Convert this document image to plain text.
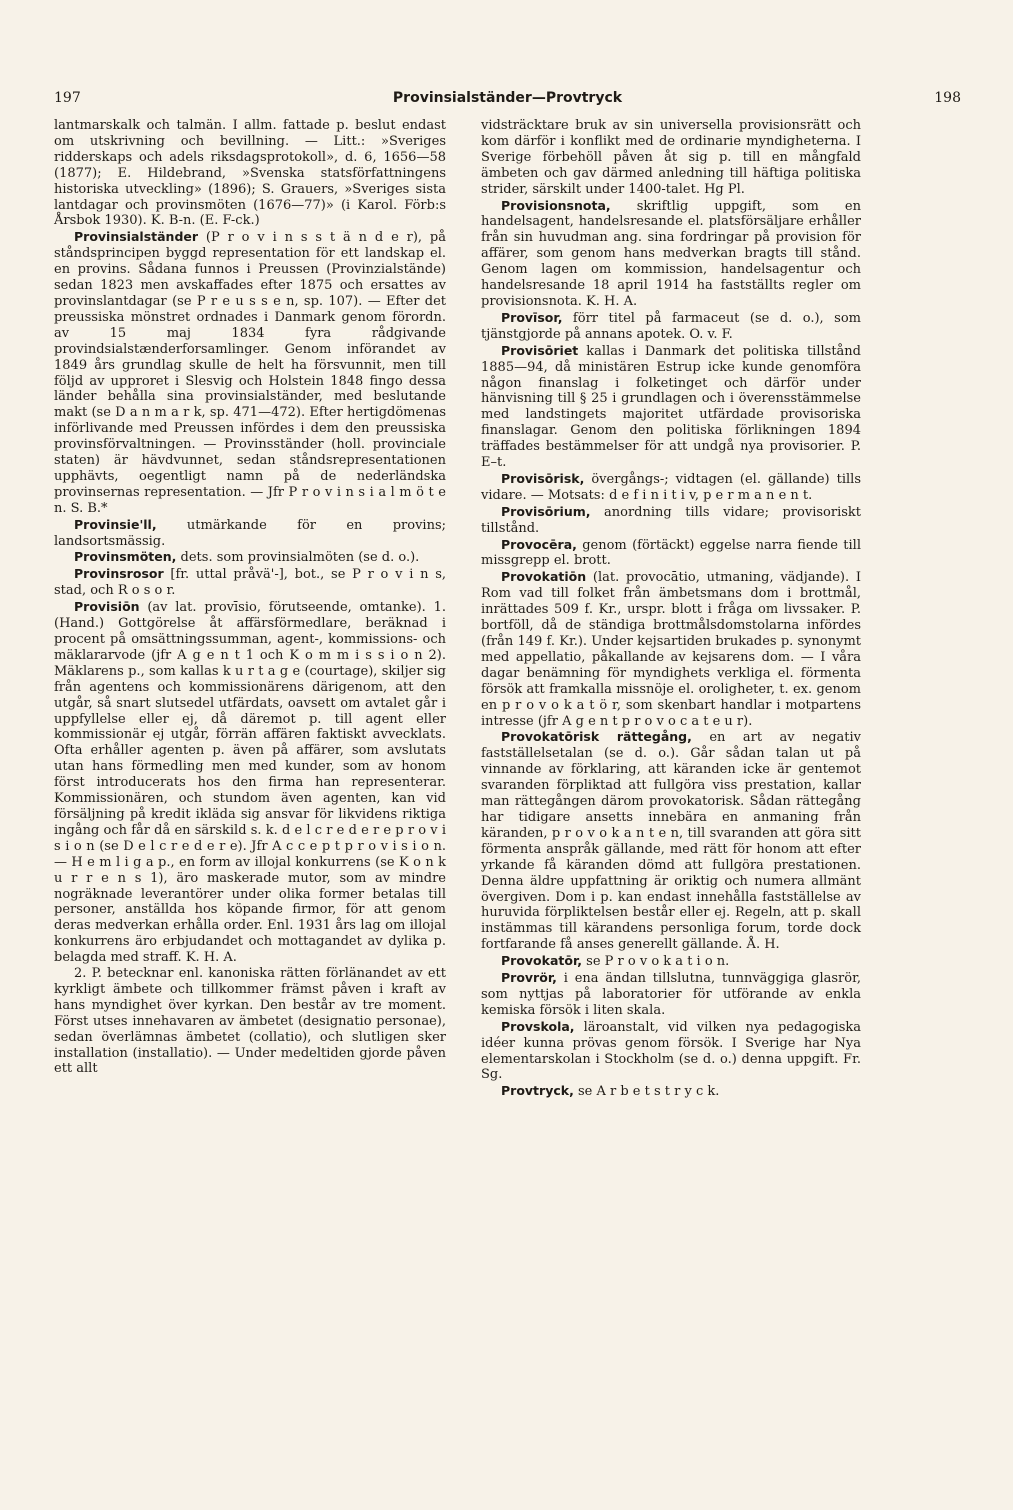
197	Provinsialständer—Provtryck	198

lantmarskalk och talmän. I allm. fattade p. beslut endast om utskrivning och bevillning. — Litt.: »Sveriges ridderskaps och adels riksdagsprotokoll», d. 6, 1656—58 (1877); E. Hildebrand, »Svenska statsförfattningens historiska utveckling» (1896); S. Grauers, »Sveriges sista lantdagar och provinsmöten (1676—77)» (i Karol. Förb:s Årsbok 1930). K. B-n. (E. F-ck.)

Provinsialständer (P r o v i n s s t ä n d e r), på ståndsprincipen byggd representation för ett landskap el. en provins. Sådana funnos i Preussen (Provinzialstände) sedan 1823 men avskaffades efter 1875 och ersattes av provinslantdagar (se P r e u s s e n, sp. 107). — Efter det preussiska mönstret ordnades i Danmark genom förordn. av 15 maj 1834 fyra rådgivande provindsialstænderforsamlinger. Genom införandet av 1849 års grundlag skulle de helt ha försvunnit, men till följd av upproret i Slesvig och Holstein 1848 fingo dessa länder behålla sina provinsialständer, med beslutande makt (se D a n m a r k, sp. 471—472). Efter hertigdömenas införlivande med Preussen infördes i dem den preussiska provinsförvaltningen. — Provinsständer (holl. provinciale staten) är hävdvunnet, sedan ståndsrepresentationen upphävts, oegentligt namn på de nederländska provinsernas representation. — Jfr P r o v i n s i a l m ö t e n. S. B.*

Provinsie'll, utmärkande för en provins; landsortsmässig.

Provinsmöten, dets. som provinsialmöten (se d. o.).

Provinsrosor [fr. uttal pråvä'-], bot., se P r o v i n s, stad, och R o s o r.

Provisiōn (av lat. provīsio, förutseende, omtanke). 1. (Hand.) Gottgörelse åt affärsförmedlare, beräknad i procent på omsättningssumman, agent-, kommissions- och mäklararvode (jfr A g e n t 1 och K o m m i s s i o n 2). Mäklarens p., som kallas k u r t a g e (courtage), skiljer sig från agentens och kommissionärens därigenom, att den utgår, så snart slutsedel utfärdats, oavsett om avtalet går i uppfyllelse eller ej, då däremot p. till agent eller kommissionär ej utgår, förrän affären faktiskt avvecklats. Ofta erhåller agenten p. även på affärer, som avslutats utan hans förmedling men med kunder, som av honom först introducerats hos den firma han representerar. Kommissionären, och stundom även agenten, kan vid försäljning på kredit ikläda sig ansvar för likvidens riktiga ingång och får då en särskild s. k. d e l c r e d e r e p r o v i s i o n (se D e l c r e d e r e). Jfr A c c e p t p r o v i s i o n. — H e m l i g a p., en form av illojal konkurrens (se K o n k u r r e n s 1), äro maskerade mutor, som av mindre nogräknade leverantörer under olika former betalas till personer, anställda hos köpande firmor, för att genom deras medverkan erhålla order. Enl. 1931 års lag om illojal konkurrens äro erbjudandet och mottagandet av dylika p. belagda med straff. K. H. A.

2. P. betecknar enl. kanoniska rätten förlänandet av ett kyrkligt ämbete och tillkommer främst påven i kraft av hans myndighet över kyrkan. Den består av tre moment. Först utses innehavaren av ämbetet (designatio personae), sedan överlämnas ämbetet (collatio), och slutligen sker installation (installatio). — Under medeltiden gjorde påven ett allt

vidsträcktare bruk av sin universella provisionsrätt och kom därför i konflikt med de ordinarie myndigheterna. I Sverige förbehöll påven åt sig p. till en mångfald ämbeten och gav därmed anledning till häftiga politiska strider, särskilt under 1400-talet. Hg Pl.

Provisionsnota, skriftlig uppgift, som en handelsagent, handelsresande el. platsförsäljare erhåller från sin huvudman ang. sina fordringar på provision för affärer, som genom hans medverkan bragts till stånd. Genom lagen om kommission, handelsagentur och handelsresande 18 april 1914 ha fastställts regler om provisionsnota. K. H. A.

Provīsor, förr titel på farmaceut (se d. o.), som tjänstgjorde på annans apotek. O. v. F.

Provisōriet kallas i Danmark det politiska tillstånd 1885—94, då ministären Estrup icke kunde genomföra någon finanslag i folketinget och därför under hänvisning till § 25 i grundlagen och i överensstämmelse med landstingets majoritet utfärdade provisoriska finanslagar. Genom den politiska förlikningen 1894 träffades bestämmelser för att undgå nya provisorier. P. E–t.

Provisōrisk, övergångs-; vidtagen (el. gällande) tills vidare. — Motsats: d e f i n i t i v, p e r m a n e n t.

Provisōrium, anordning tills vidare; provisoriskt tillstånd.

Provocēra, genom (förtäckt) eggelse narra fiende till missgrepp el. brott.

Provokatiōn (lat. provocātio, utmaning, vädjande). I Rom vad till folket från ämbetsmans dom i brottmål, inrättades 509 f. Kr., urspr. blott i fråga om livssaker. P. bortföll, då de ständiga brottmålsdomstolarna infördes (från 149 f. Kr.). Under kejsartiden brukades p. synonymt med appellatio, påkallande av kejsarens dom. — I våra dagar benämning för myndighets verkliga el. förmenta försök att framkalla missnöje el. oroligheter, t. ex. genom en p r o v o k a t ö r, som skenbart handlar i motpartens intresse (jfr A g e n t p r o v o c a t e u r).

Provokatōrisk rättegång, en art av negativ fastställelsetalan (se d. o.). Går sådan talan ut på vinnande av förklaring, att käranden icke är gentemot svaranden förpliktad att fullgöra viss prestation, kallar man rättegången därom provokatorisk. Sådan rättegång har tidigare ansetts innebära en anmaning från käranden, p r o v o k a n t e n, till svaranden att göra sitt förmenta anspråk gällande, med rätt för honom att efter yrkande få käranden dömd att fullgöra prestationen. Denna äldre uppfattning är oriktig och numera allmänt övergiven. Dom i p. kan endast innehålla fastställelse av huruvida förpliktelsen består eller ej. Regeln, att p. skall instämmas till kärandens personliga forum, torde dock fortfarande få anses generellt gällande. Å. H.

Provokatōr, se P r o v o k a t i o n.

Provrör, i ena ändan tillslutna, tunnväggiga glasrör, som nyttjas på laboratorier för utförande av enkla kemiska försök i liten skala.

Provskola, läroanstalt, vid vilken nya pedagogiska idéer kunna prövas genom försök. I Sverige har Nya elementarskolan i Stockholm (se d. o.) denna uppgift. Fr. Sg.

Provtryck, se A r b e t s t r y c k.
